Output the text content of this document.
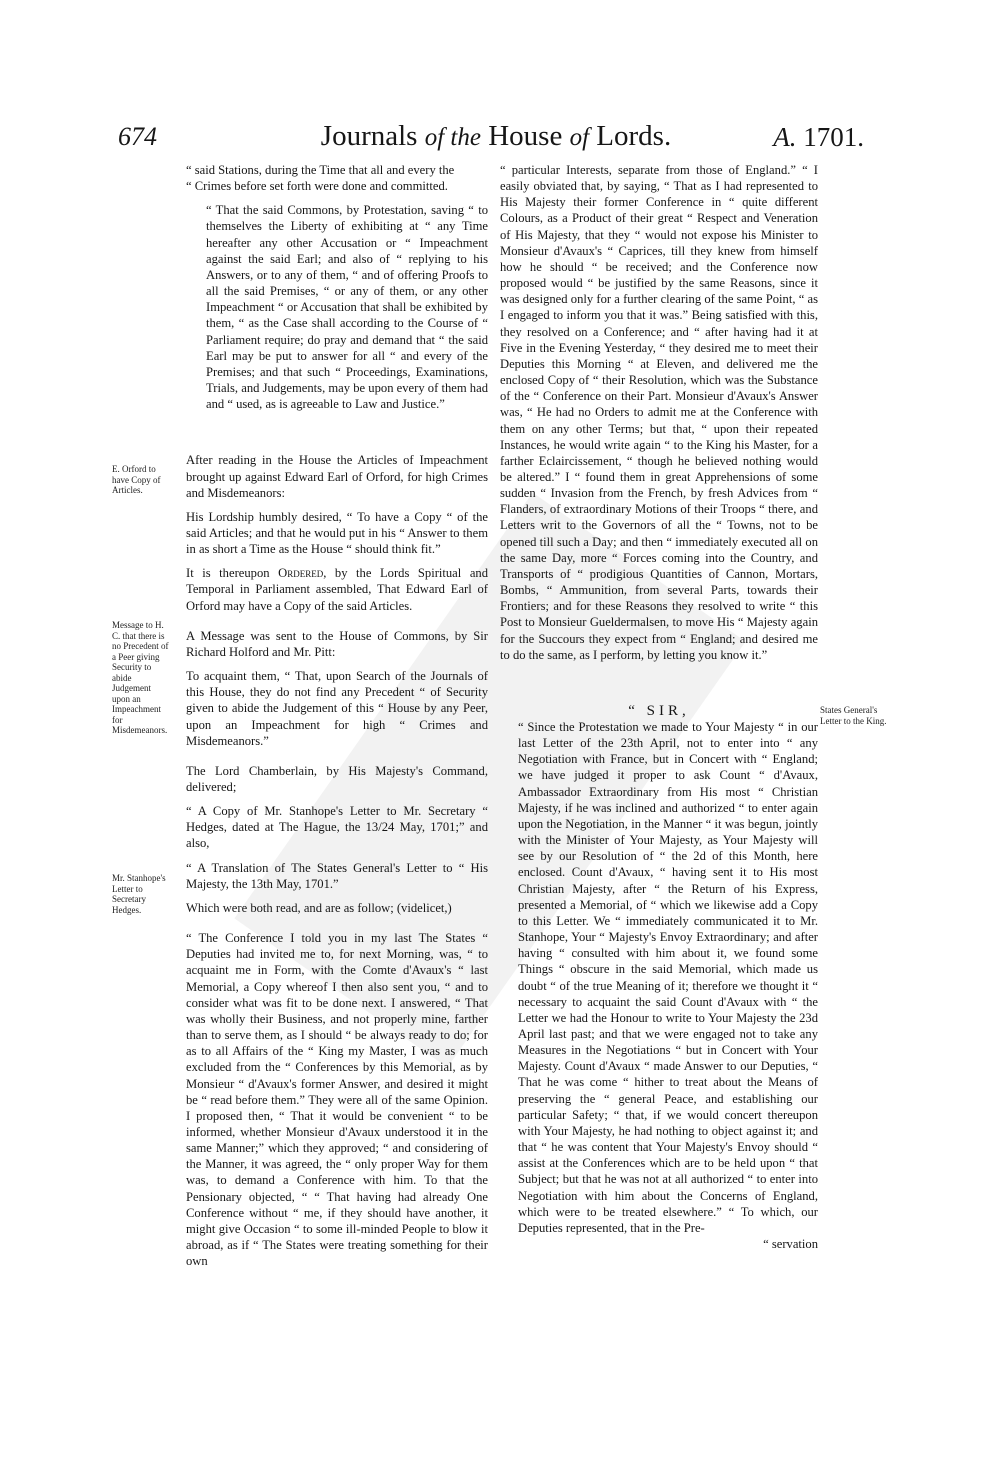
674	Journals of the House of Lords.	A. 1701.
E. Orford to have Copy of Articles.
Message to H. C. that there is no Precedent of a Peer giving Security to abide Judgement upon an Impeachment for Misdemeanors.
Mr. Stanhope's Letter to Secretary Hedges.
States General's Letter to the King.

“ said Stations, during the Time that all and every the

“ Crimes before set forth were done and committed.

“ That the said Commons, by Protestation, saving “ to themselves the Liberty of exhibiting at “ any Time hereafter any other Accusation or “ Impeachment against the said Earl; and also of “ replying to his Answers, or to any of them, “ and of offering Proofs to all the said Premises, “ or any of them, or any other Impeachment “ or Accusation that shall be exhibited by them, “ as the Case shall according to the Course of “ Parliament require; do pray and demand that “ the said Earl may be put to answer for all “ and every of the Premises; and that such “ Proceedings, Examinations, Trials, and Judgements, may be upon every of them had and “ used, as is agreeable to Law and Justice.”

After reading in the House the Articles of Impeachment brought up against Edward Earl of Orford, for high Crimes and Misdemeanors:

His Lordship humbly desired, “ To have a Copy “ of the said Articles; and that he would put in his “ Answer to them in as short a Time as the House “ should think fit.”

It is thereupon Ordered, by the Lords Spiritual and Temporal in Parliament assembled, That Edward Earl of Orford may have a Copy of the said Articles.

A Message was sent to the House of Commons, by Sir Richard Holford and Mr. Pitt:

To acquaint them, “ That, upon Search of the Journals of this House, they do not find any Precedent “ of Security given to abide the Judgement of this “ House by any Peer, upon an Impeachment for high “ Crimes and Misdemeanors.”

The Lord Chamberlain, by His Majesty's Command, delivered;

“ A Copy of Mr. Stanhope's Letter to Mr. Secretary “ Hedges, dated at The Hague, the 13/24 May, 1701;” and also,

“ A Translation of The States General's Letter to “ His Majesty, the 13th May, 1701.”

Which were both read, and are as follow; (videlicet,)

“ The Conference I told you in my last The States “ Deputies had invited me to, for next Morning, was, “ to acquaint me in Form, with the Comte d'Avaux's “ last Memorial, a Copy whereof I then also sent you, “ and to consider what was fit to be done next. I answered, “ That was wholly their Business, and not properly mine, farther than to serve them, as I should “ be always ready to do; for as to all Affairs of the “ King my Master, I was as much excluded from the “ Conferences by this Memorial, as by Monsieur “ d'Avaux's former Answer, and desired it might be “ read before them.” They were all of the same Opinion. I proposed then, “ That it would be convenient “ to be informed, whether Monsieur d'Avaux understood it in the same Manner;” which they approved; “ and considering of the Manner, it was agreed, the “ only proper Way for them was, to demand a Conference with him. To that the Pensionary objected, “ “ That having had already One Conference without “ me, if they should have another, it might give Occasion “ to some ill-minded People to blow it abroad, as if “ The States were treating something for their own

“ particular Interests, separate from those of England.” “ I easily obviated that, by saying, “ That as I had represented to His Majesty their former Conference in “ quite different Colours, as a Product of their great “ Respect and Veneration of His Majesty, that they “ would not expose his Minister to Monsieur d'Avaux's “ Caprices, till they knew from himself how he should “ be received; and the Conference now proposed would “ be justified by the same Reasons, since it was designed only for a further clearing of the same Point, “ as I engaged to inform you that it was.” Being satisfied with this, they resolved on a Conference; and “ after having had it at Five in the Evening Yesterday, “ they desired me to meet their Deputies this Morning “ at Eleven, and delivered me the enclosed Copy of “ their Resolution, which was the Substance of the “ Conference on their Part. Monsieur d'Avaux's Answer was, “ He had no Orders to admit me at the Conference with them on any other Terms; but that, “ upon their repeated Instances, he would write again “ to the King his Master, for a farther Eclaircissement, “ though he believed nothing would be altered.” I “ found them in great Apprehensions of some sudden “ Invasion from the French, by fresh Advices from “ Flanders, of extraordinary Motions of their Troops “ there, and Letters writ to the Governors of all the “ Towns, not to be opened till such a Day; and then “ immediately executed all on the same Day, more “ Forces coming into the Country, and Transports of “ prodigious Quantities of Cannon, Mortars, Bombs, “ Ammunition, from several Parts, towards their Frontiers; and for these Reasons they resolved to write “ this Post to Monsieur Gueldermalsen, to move His “ Majesty again for the Succours they expect from “ England; and desired me to do the same, as I perform, by letting you know it.”

“ SIR,

“ Since the Protestation we made to Your Majesty “ in our last Letter of the 23th April, not to enter into “ any Negotiation with France, but in Concert with “ England; we have judged it proper to ask Count “ d'Avaux, Ambassador Extraordinary from His most “ Christian Majesty, if he was inclined and authorized “ to enter again upon the Negotiation, in the Manner “ it was begun, jointly with the Minister of Your Majesty, as Your Majesty will see by our Resolution of “ the 2d of this Month, here enclosed. Count d'Avaux, “ having sent it to His most Christian Majesty, after “ the Return of his Express, presented a Memorial, of “ which we likewise add a Copy to this Letter. We “ immediately communicated it to Mr. Stanhope, Your “ Majesty's Envoy Extraordinary; and after having “ consulted with him about it, we found some Things “ obscure in the said Memorial, which made us doubt “ of the true Meaning of it; therefore we thought it “ necessary to acquaint the said Count d'Avaux with “ the Letter we had the Honour to write to Your Majesty the 23d April last past; and that we were engaged not to take any Measures in the Negotiations “ but in Concert with Your Majesty. Count d'Avaux “ made Answer to our Deputies, “ That he was come “ hither to treat about the Means of preserving the “ general Peace, and establishing our particular Safety; “ that, if we would concert thereupon with Your Majesty, he had nothing to object against it; and that “ he was content that Your Majesty's Envoy should “ assist at the Conferences which are to be held upon “ that Subject; but that he was not at all authorized “ to enter into Negotiation with him about the Concerns of England, which were to be treated elsewhere.” “ To which, our Deputies represented, that in the Pre-

“ servation
